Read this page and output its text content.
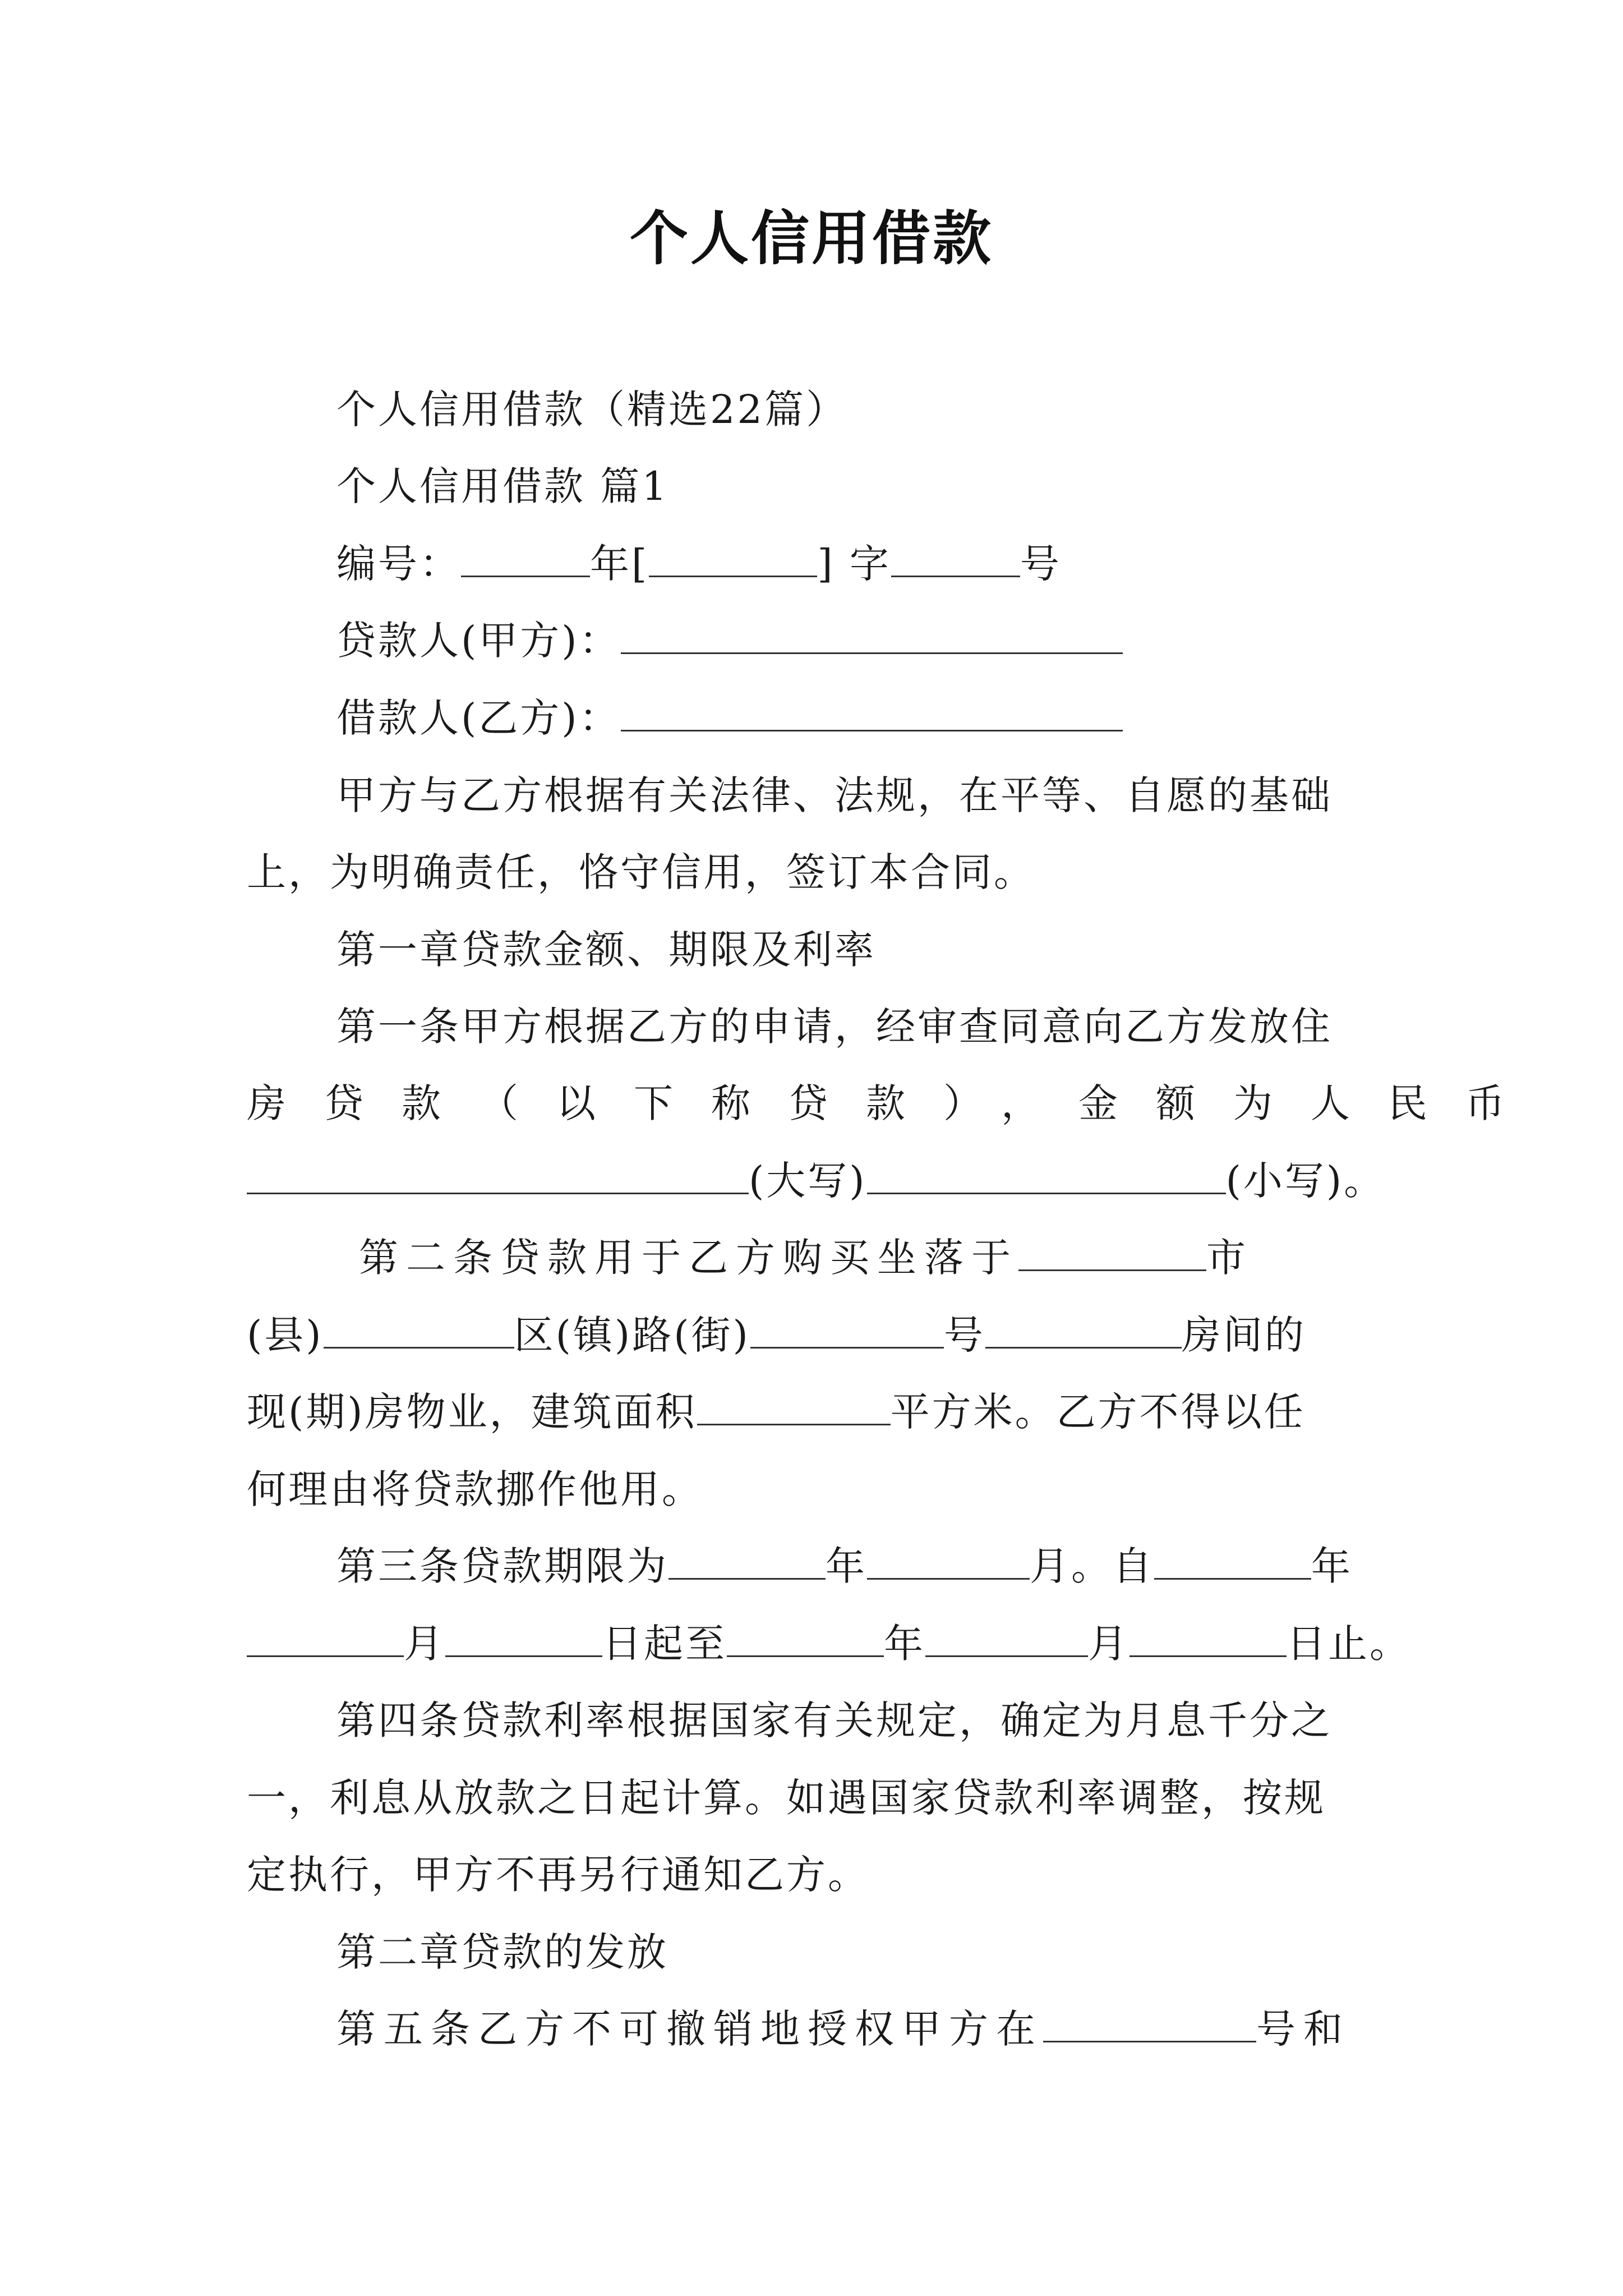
个人信用借款
个人信用借款（精选22篇）
个人信用借款 篇1
编号：	年[	] 字	号
贷款人(甲方)：
借款人(乙方)：
甲方与乙方根据有关法律、法规，在平等、自愿的基础
上，为明确责任，恪守信用，签订本合同。
第一章贷款金额、期限及利率
第一条甲方根据乙方的申请，经审查同意向乙方发放住
房贷款（以下称贷款），金额为人民币
(大写)	(小写)。
第二条贷款用于乙方购买坐落于	市
(县)	区(镇)路(街)	号	房间的
现(期)房物业，建筑面积	平方米。乙方不得以任
何理由将贷款挪作他用。
第三条贷款期限为	年	月。自	年
月	日起至	年	月	日止。
第四条贷款利率根据国家有关规定，确定为月息千分之
一，利息从放款之日起计算。如遇国家贷款利率调整，按规
定执行，甲方不再另行通知乙方。
第二章贷款的发放
第五条乙方不可撤销地授权甲方在	号和
